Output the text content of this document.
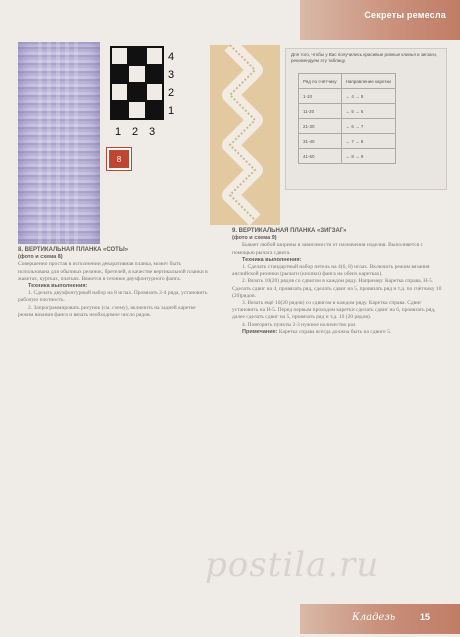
Секреты ремесла
4
3
2
1
1 2 3
8
Для того, чтобы у Вас получились красивые ровные клинья и зигзаги, рекомендуем эту таблицу.
Ряд по счётчику	Направление каретки
1-10	← 4 → 5
11-20	← 5 → 6
21-30	← 6 → 7
31-40	← 7 → 8
41-50	← 8 → 9

8. ВЕРТИКАЛЬНАЯ ПЛАНКА «СОТЫ»

(фото и схема 8)

Совершенно простая в исполнении декоративная планка, может быть использована для обычных резинок, бретелей, в качестве вертикальной планки в жакетах, куртках, платьях. Вяжется в технике двухфонтурного фанга.

Техника выполнения:

1. Сделать двухфонтурный набор на 8 иглах. Провязать 2-4 ряда, установить рабочую плотность.

2. Запрограммировать рисунок (см. схему), включить на задней каретке режим вязания фанга и вязать необходимое число рядов.

9. ВЕРТИКАЛЬНАЯ ПЛАНКА «ЗИГЗАГ»

(фото и схема 9)

Бывает любой ширины в зависимости от назначения изделия. Выполняется с помощью рычага сдвига.

Техника выполнения:

1. Сделать стандартный набор петель на 4(6, 8) иглах. Включить режим вязания английской резинки (рычаги (кнопки) фанга на обеих каретках).

2. Вязать 10(20) рядов со сдвигом в каждом ряду. Например: Каретка справа, Н-5. Сделать сдвиг на 4, провязать ряд, сделать сдвиг на 5, провязать ряд и т.д. по счётчику 10 (20)рядов.

3. Вязать ещё 10(20 рядов) со сдвигом в каждом ряду. Каретка справа. Сдвиг установить на Н-5. Перед первым проходом каретки сделать сдвиг на 6, провязать ряд, далее сделать сдвиг на 5, провязать ряд и т.д. 10 (20 рядов).

4. Повторить пункты 2-3 нужное количество раз.

Примечание: Каретка справа всегда должна быть на сдвиге 5.

postila.ru
Кладезь	15
